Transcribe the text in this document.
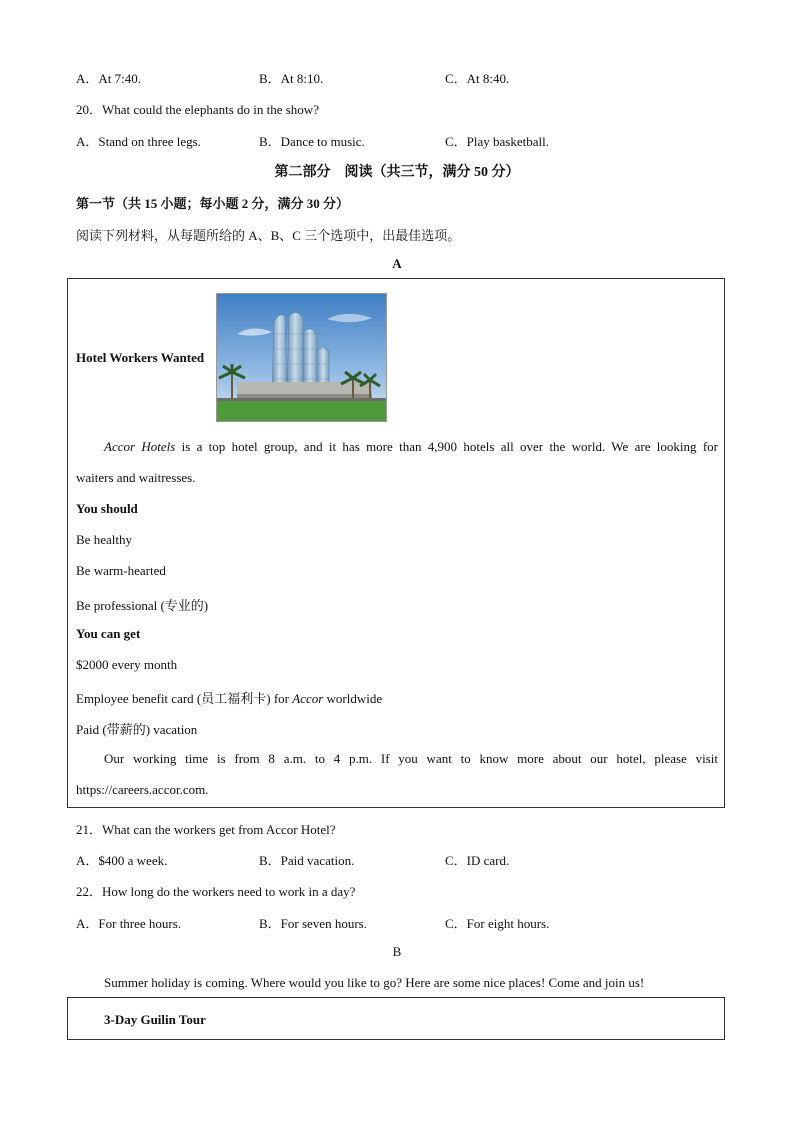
A．At 7:40.	B．At 8:10.	C．At 8:40.
20．What could the elephants do in the show?
A．Stand on three legs.	B．Dance to music.	C．Play basketball.
第二部分　阅读（共三节，满分 50 分）
第一节（共 15 小题；每小题 2 分，满分 30 分）
阅读下列材料，从每题所给的 A、B、C 三个选项中，出最佳选项。
A
Hotel Workers Wanted
Accor Hotels is a top hotel group, and it has more than 4,900 hotels all over the world. We are looking for
waiters and waitresses.
You should
Be healthy
Be warm-hearted
Be professional (专业的)
You can get
$2000 every month
Employee benefit card (员工福利卡) for Accor worldwide
Paid (带薪的) vacation
Our working time is from 8 a.m. to 4 p.m. If you want to know more about our hotel, please visit
https://careers.accor.com.
21．What can the workers get from Accor Hotel?
A．$400 a week.	B．Paid vacation.	C．ID card.
22．How long do the workers need to work in a day?
A．For three hours.	B．For seven hours.	C．For eight hours.
B
Summer holiday is coming. Where would you like to go? Here are some nice places! Come and join us!
3-Day Guilin Tour
